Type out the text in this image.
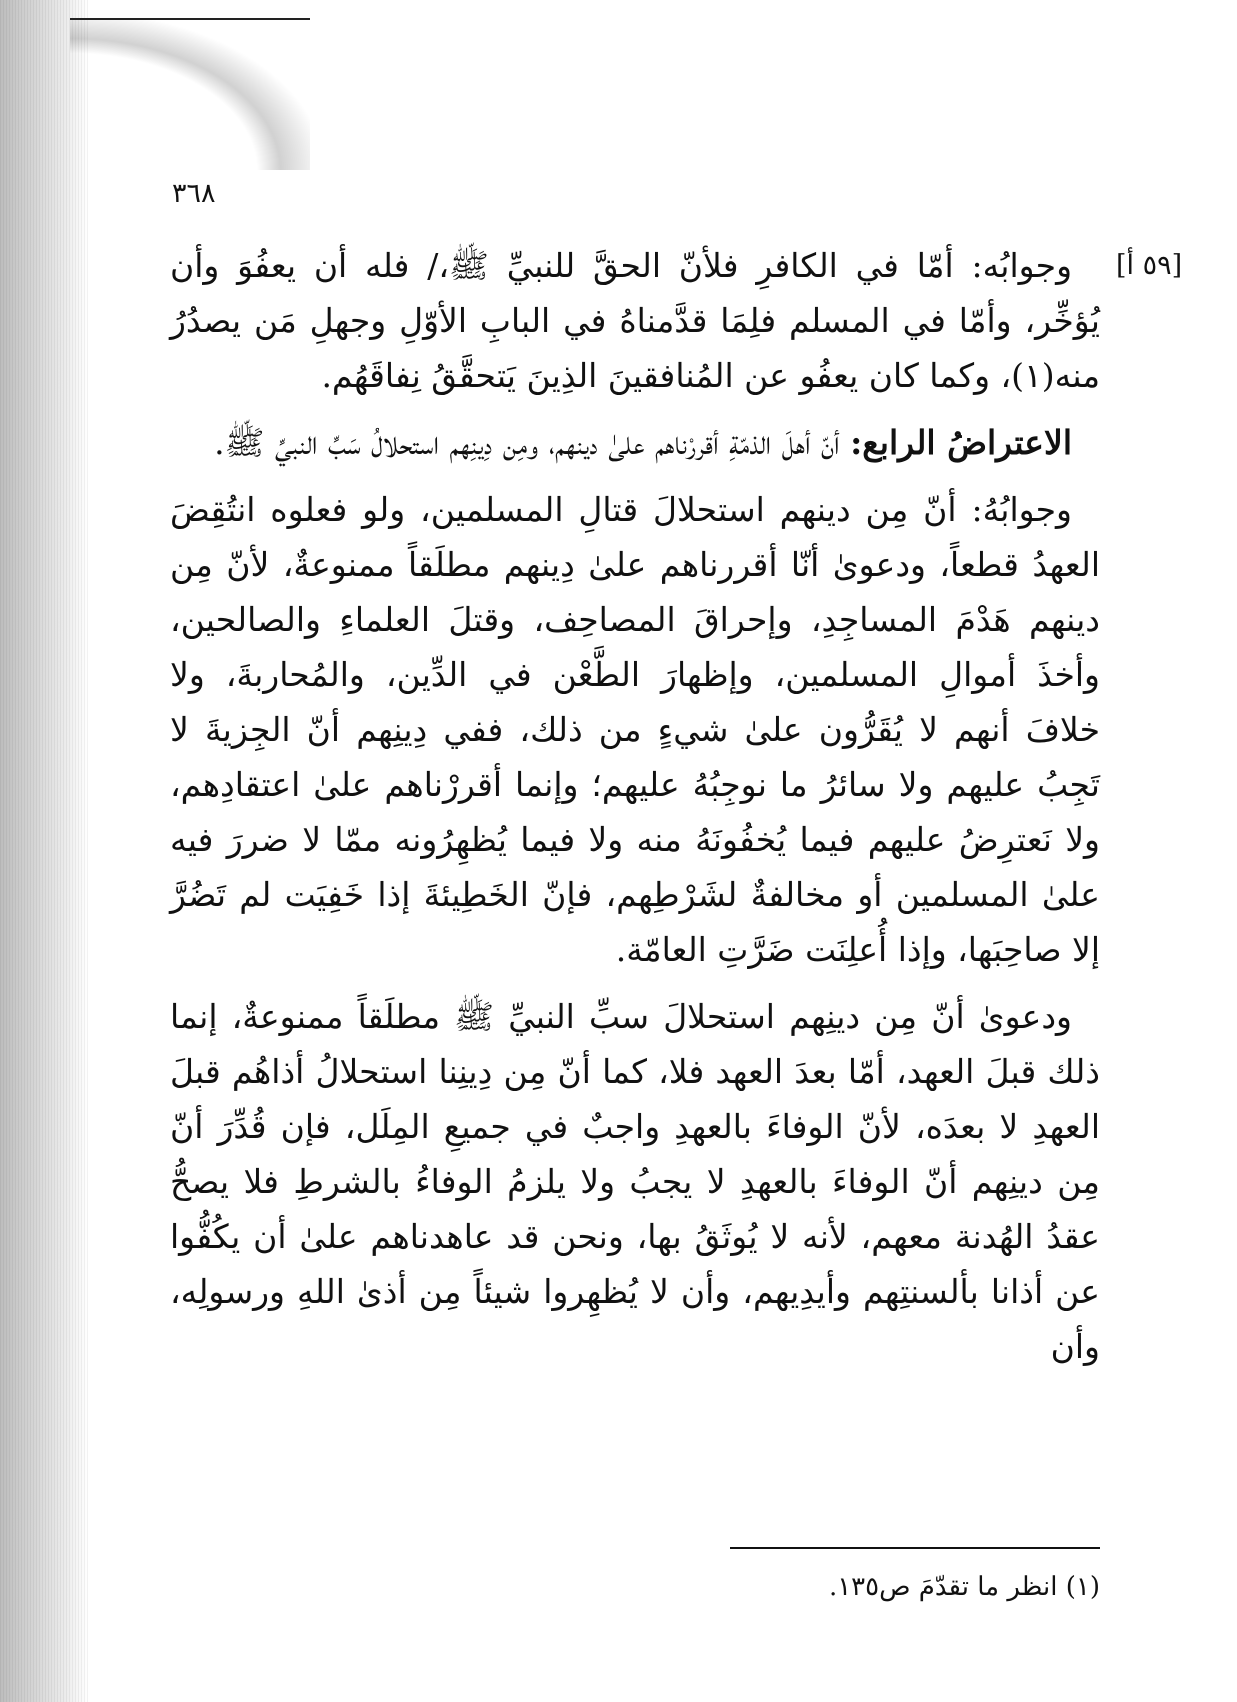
٣٦٨
[٥٩ أ]

وجوابُه: أمّا في الكافرِ فلأنّ الحقَّ للنبيِّ ﷺ،/ فله أن يعفُوَ وأن يُؤخِّر، وأمّا في المسلم فلِمَا قدَّمناهُ في البابِ الأوّلِ وجهلِ مَن يصدُرُ منه(١)، وكما كان يعفُو عن المُنافقينَ الذِينَ يَتحقَّقُ نِفاقَهُم.

الاعتراضُ الرابع: أنّ أهلَ الذمّةِ أقررْناهم علىٰ دينهم، ومِن دِينِهم استحلالُ سَبِّ النبيِّ ﷺ.

وجوابُهُ: أنّ مِن دينهم استحلالَ قتالِ المسلمين، ولو فعلوه انتُقِضَ العهدُ قطعاً، ودعوىٰ أنّا أقررناهم علىٰ دِينهم مطلَقاً ممنوعةٌ، لأنّ مِن دينهم هَدْمَ المساجِدِ، وإحراقَ المصاحِف، وقتلَ العلماءِ والصالحين، وأخذَ أموالِ المسلمين، وإظهارَ الطَّعْن في الدِّين، والمُحاربةَ، ولا خلافَ أنهم لا يُقَرُّون علىٰ شيءٍ من ذلك، ففي دِينِهم أنّ الجِزيةَ لا تَجِبُ عليهم ولا سائرُ ما نوجِبُهُ عليهم؛ وإنما أقررْناهم علىٰ اعتقادِهم، ولا نَعترِضُ عليهم فيما يُخفُونَهُ منه ولا فيما يُظهِرُونه ممّا لا ضررَ فيه علىٰ المسلمين أو مخالفةٌ لشَرْطِهم، فإنّ الخَطِيئةَ إذا خَفِيَت لم تَضُرَّ إلا صاحِبَها، وإذا أُعلِنَت ضَرَّتِ العامّة.

ودعوىٰ أنّ مِن دينِهم استحلالَ سبِّ النبيِّ ﷺ مطلَقاً ممنوعةٌ، إنما ذلك قبلَ العهد، أمّا بعدَ العهد فلا، كما أنّ مِن دِينِنا استحلالُ أذاهُم قبلَ العهدِ لا بعدَه، لأنّ الوفاءَ بالعهدِ واجبٌ في جميعِ المِلَل، فإن قُدِّرَ أنّ مِن دينِهم أنّ الوفاءَ بالعهدِ لا يجبُ ولا يلزمُ الوفاءُ بالشرطِ فلا يصحُّ عقدُ الهُدنة معهم، لأنه لا يُوثَقُ بها، ونحن قد عاهدناهم علىٰ أن يكُفُّوا عن أذانا بألسنتِهم وأيدِيهم، وأن لا يُظهِروا شيئاً مِن أذىٰ اللهِ ورسولِه، وأن

(١) انظر ما تقدّمَ ص١٣٥.
